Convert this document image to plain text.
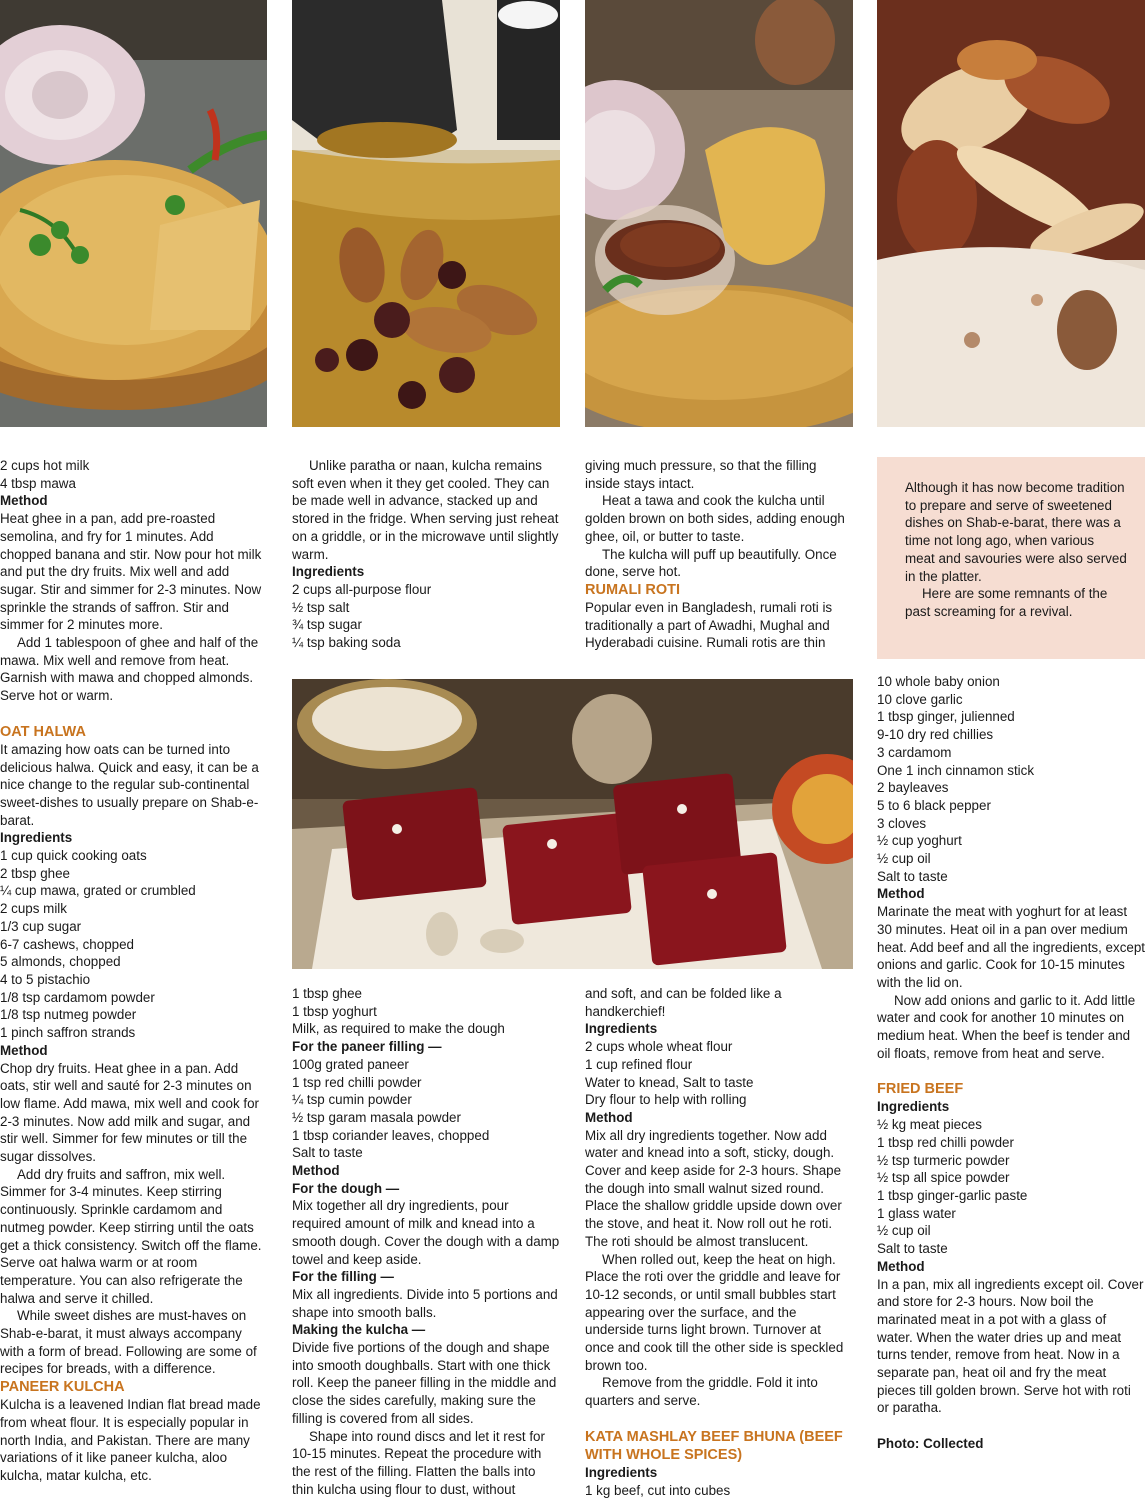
2 cups hot milk

4 tbsp mawa

Method

Heat ghee in a pan, add pre-roasted semolina, and fry for 1 minutes. Add chopped banana and stir. Now pour hot milk and put the dry fruits. Mix well and add sugar. Stir and simmer for 2-3 minutes. Now sprinkle the strands of saffron. Stir and simmer for 2 minutes more.

Add 1 tablespoon of ghee and half of the mawa. Mix well and remove from heat. Garnish with mawa and chopped almonds. Serve hot or warm.

OAT HALWA

It amazing how oats can be turned into delicious halwa. Quick and easy, it can be a nice change to the regular sub-continental sweet-dishes to usually prepare on Shab-e-barat.

Ingredients

1 cup quick cooking oats

2 tbsp ghee

¼ cup mawa, grated or crumbled

2 cups milk

1/3 cup sugar

6-7 cashews, chopped

5 almonds, chopped

4 to 5 pistachio

1/8 tsp cardamom powder

1/8 tsp nutmeg powder

1 pinch saffron strands

Method

Chop dry fruits. Heat ghee in a pan. Add oats, stir well and sauté for 2-3 minutes on low flame. Add mawa, mix well and cook for 2-3 minutes. Now add milk and sugar, and stir well. Simmer for few minutes or till the sugar dissolves.

Add dry fruits and saffron, mix well. Simmer for 3-4 minutes. Keep stirring continuously. Sprinkle cardamom and nutmeg powder. Keep stirring until the oats get a thick consistency. Switch off the flame. Serve oat halwa warm or at room temperature. You can also refrigerate the halwa and serve it chilled.

While sweet dishes are must-haves on Shab-e-barat, it must always accompany with a form of bread. Following are some of recipes for breads, with a difference.

PANEER KULCHA

Kulcha is a leavened Indian flat bread made from wheat flour. It is especially popular in north India, and Pakistan. There are many variations of it like paneer kulcha, aloo kulcha, matar kulcha, etc.

Unlike paratha or naan, kulcha remains soft even when it they get cooled. They can be made well in advance, stacked up and stored in the fridge. When serving just reheat on a griddle, or in the microwave until slightly warm.

Ingredients

2 cups all-purpose flour

½ tsp salt

¾ tsp sugar

¼ tsp baking soda

giving much pressure, so that the filling inside stays intact.

Heat a tawa and cook the kulcha until golden brown on both sides, adding enough ghee, oil, or butter to taste.

The kulcha will puff up beautifully. Once done, serve hot.

RUMALI ROTI

Popular even in Bangladesh, rumali roti is traditionally a part of Awadhi, Mughal and Hyderabadi cuisine. Rumali rotis are thin

Although it has now become tradition to prepare and serve of sweetened dishes on Shab-e-barat, there was a time not long ago, when various meat and savouries were also served in the platter.

Here are some remnants of the past screaming for a revival.

1 tbsp ghee

1 tbsp yoghurt

Milk, as required to make the dough

For the paneer filling —

100g grated paneer

1 tsp red chilli powder

¼ tsp cumin powder

½ tsp garam masala powder

1 tbsp coriander leaves, chopped

Salt to taste

Method

For the dough —

Mix together all dry ingredients, pour required amount of milk and knead into a smooth dough. Cover the dough with a damp towel and keep aside.

For the filling —

Mix all ingredients. Divide into 5 portions and shape into smooth balls.

Making the kulcha —

Divide five portions of the dough and shape into smooth doughballs. Start with one thick roll. Keep the paneer filling in the middle and close the sides carefully, making sure the filling is covered from all sides.

Shape into round discs and let it rest for 10-15 minutes. Repeat the procedure with the rest of the filling. Flatten the balls into thin kulcha using flour to dust, without

and soft, and can be folded like a handkerchief!

Ingredients

2 cups whole wheat flour

1 cup refined flour

Water to knead, Salt to taste

Dry flour to help with rolling

Method

Mix all dry ingredients together. Now add water and knead into a soft, sticky, dough. Cover and keep aside for 2-3 hours. Shape the dough into small walnut sized round. Place the shallow griddle upside down over the stove, and heat it. Now roll out he roti. The roti should be almost translucent.

When rolled out, keep the heat on high. Place the roti over the griddle and leave for 10-12 seconds, or until small bubbles start appearing over the surface, and the underside turns light brown. Turnover at once and cook till the other side is speckled brown too.

Remove from the griddle. Fold it into quarters and serve.

KATA MASHLAY BEEF BHUNA (BEEF WITH WHOLE SPICES)

Ingredients

1 kg beef, cut into cubes

10 whole baby onion

10 clove garlic

1 tbsp ginger, julienned

9-10 dry red chillies

3 cardamom

One 1 inch cinnamon stick

2 bayleaves

5 to 6 black pepper

3 cloves

½ cup yoghurt

½ cup oil

Salt to taste

Method

Marinate the meat with yoghurt for at least 30 minutes. Heat oil in a pan over medium heat. Add beef and all the ingredients, except onions and garlic. Cook for 10-15 minutes with the lid on.

Now add onions and garlic to it. Add little water and cook for another 10 minutes on medium heat. When the beef is tender and oil floats, remove from heat and serve.

FRIED BEEF

Ingredients

½ kg meat pieces

1 tbsp red chilli powder

½ tsp turmeric powder

½ tsp all spice powder

1 tbsp ginger-garlic paste

1 glass water

½ cup oil

Salt to taste

Method

In a pan, mix all ingredients except oil. Cover and store for 2-3 hours. Now boil the marinated meat in a pot with a glass of water. When the water dries up and meat turns tender, remove from heat. Now in a separate pan, heat oil and fry the meat pieces till golden brown. Serve hot with roti or paratha.

Photo: Collected
